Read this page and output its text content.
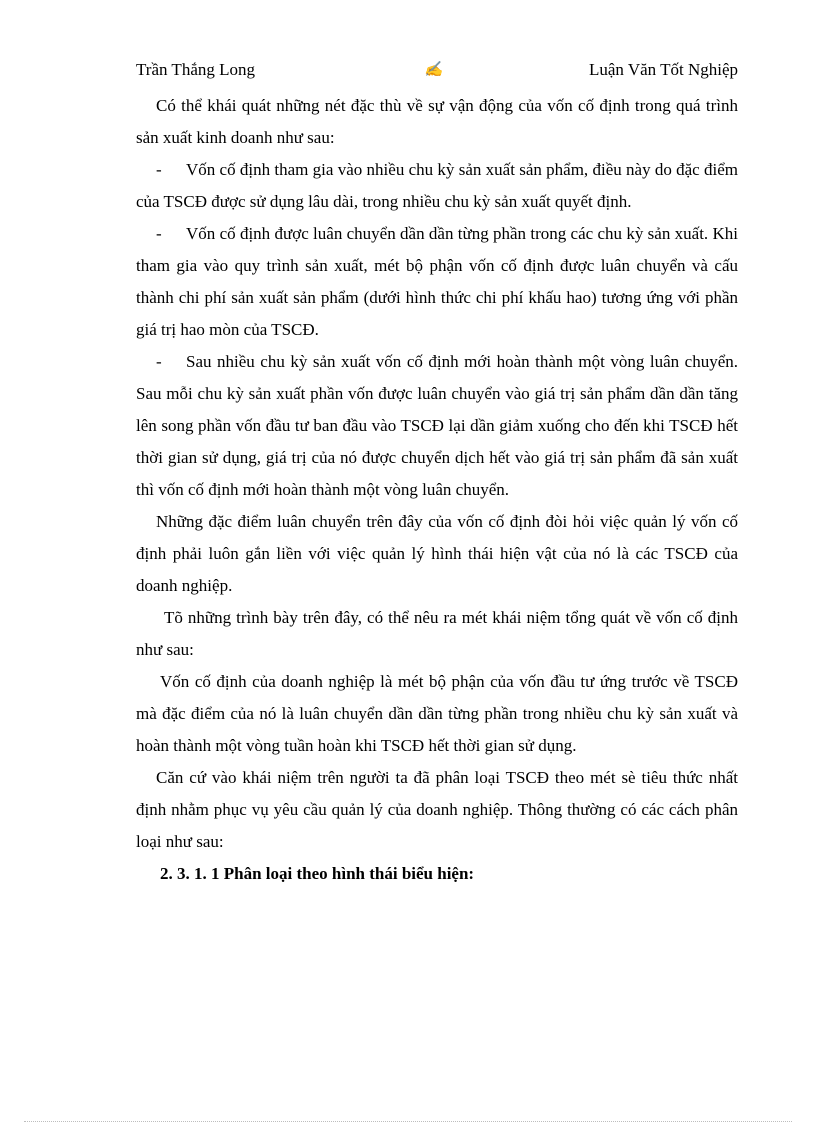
Trần Thắng Long	✍	Luận Văn Tốt Nghiệp

Có thể khái quát những nét đặc thù về sự vận động của vốn cố định trong quá trình sản xuất kinh doanh như sau:

- Vốn cố định tham gia vào nhiều chu kỳ sản xuất sản phẩm, điều này do đặc điểm của TSCĐ được sử dụng lâu dài, trong nhiều chu kỳ sản xuất quyết định.

- Vốn cố định được luân chuyển dần dần từng phần trong các chu kỳ sản xuất. Khi tham gia vào quy trình sản xuất, mét bộ phận vốn cố định được luân chuyển và cấu thành chi phí sản xuất sản phẩm (dưới hình thức chi phí khấu hao) tương ứng với phần giá trị hao mòn của TSCĐ.

- Sau nhiều chu kỳ sản xuất vốn cố định mới hoàn thành một vòng luân chuyển. Sau mỗi chu kỳ sản xuất phần vốn được luân chuyển vào giá trị sản phẩm dần dần tăng lên song phần vốn đầu tư ban đầu vào TSCĐ lại dần giảm xuống cho đến khi TSCĐ hết thời gian sử dụng, giá trị của nó được chuyển dịch hết vào giá trị sản phẩm đã sản xuất thì vốn cố định mới hoàn thành một vòng luân chuyển.

Những đặc điểm luân chuyển trên đây của vốn cố định đòi hỏi việc quản lý vốn cố định phải luôn gắn liền với việc quản lý hình thái hiện vật của nó là các TSCĐ của doanh nghiệp.

Tõ những trình bày trên đây, có thể nêu ra mét khái niệm tổng quát về vốn cố định như sau:

Vốn cố định của doanh nghiệp là mét bộ phận của vốn đầu tư ứng trước về TSCĐ mà đặc điểm của nó là luân chuyển dần dần từng phần trong nhiều chu kỳ sản xuất và hoàn thành một vòng tuần hoàn khi TSCĐ hết thời gian sử dụng.

Căn cứ vào khái niệm trên người ta đã phân loại TSCĐ theo mét sè tiêu thức nhất định nhằm phục vụ yêu cầu quản lý của doanh nghiệp. Thông thường có các cách phân loại như sau:

2. 3. 1. 1 Phân loại theo hình thái biểu hiện:
